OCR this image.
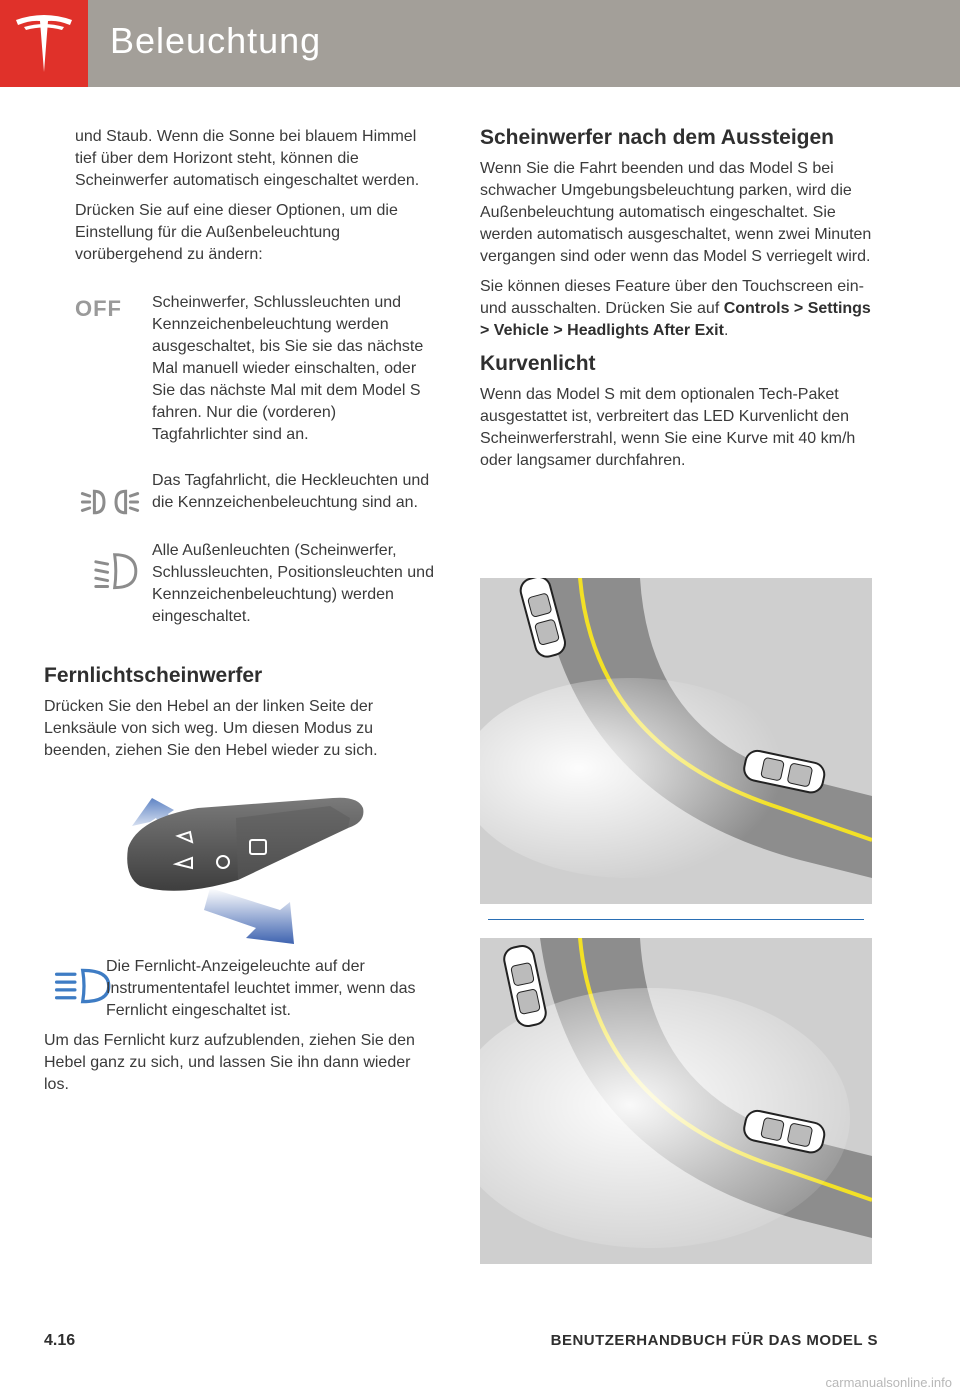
Beleuchtung

und Staub. Wenn die Sonne bei blauem Himmel tief über dem Horizont steht, können die Scheinwerfer automatisch eingeschaltet werden.

Drücken Sie auf eine dieser Optionen, um die Einstellung für die Außenbeleuchtung vorübergehend zu ändern:

OFF	Scheinwerfer, Schlussleuchten und Kennzeichenbeleuchtung werden ausgeschaltet, bis Sie sie das nächste Mal manuell wieder einschalten, oder Sie das nächste Mal mit dem Model S fahren. Nur die (vorderen) Tagfahrlichter sind an.
Das Tagfahrlicht, die Heckleuchten und die Kennzeichenbeleuchtung sind an.
Alle Außenleuchten (Scheinwerfer, Schlussleuchten, Positionsleuchten und Kennzeichenbeleuchtung) werden eingeschaltet.
Fernlichtscheinwerfer

Drücken Sie den Hebel an der linken Seite der Lenksäule von sich weg. Um diesen Modus zu beenden, ziehen Sie den Hebel wieder zu sich.

Die Fernlicht-Anzeigeleuchte auf der Instrumententafel leuchtet immer, wenn das Fernlicht eingeschaltet ist.

Um das Fernlicht kurz aufzublenden, ziehen Sie den Hebel ganz zu sich, und lassen Sie ihn dann wieder los.

Scheinwerfer nach dem Aussteigen

Wenn Sie die Fahrt beenden und das Model S bei schwacher Umgebungsbeleuchtung parken, wird die Außenbeleuchtung automatisch eingeschaltet. Sie werden automatisch ausgeschaltet, wenn zwei Minuten vergangen sind oder wenn das Model S verriegelt wird.

Sie können dieses Feature über den Touchscreen ein- und ausschalten. Drücken Sie auf Controls > Settings > Vehicle > Headlights After Exit.

Kurvenlicht

Wenn das Model S mit dem optionalen Tech-Paket ausgestattet ist, verbreitert das LED Kurvenlicht den Scheinwerferstrahl, wenn Sie eine Kurve mit 40 km/h oder langsamer durchfahren.

4.16	BENUTZERHANDBUCH FÜR DAS MODEL S
carmanualsonline.info
